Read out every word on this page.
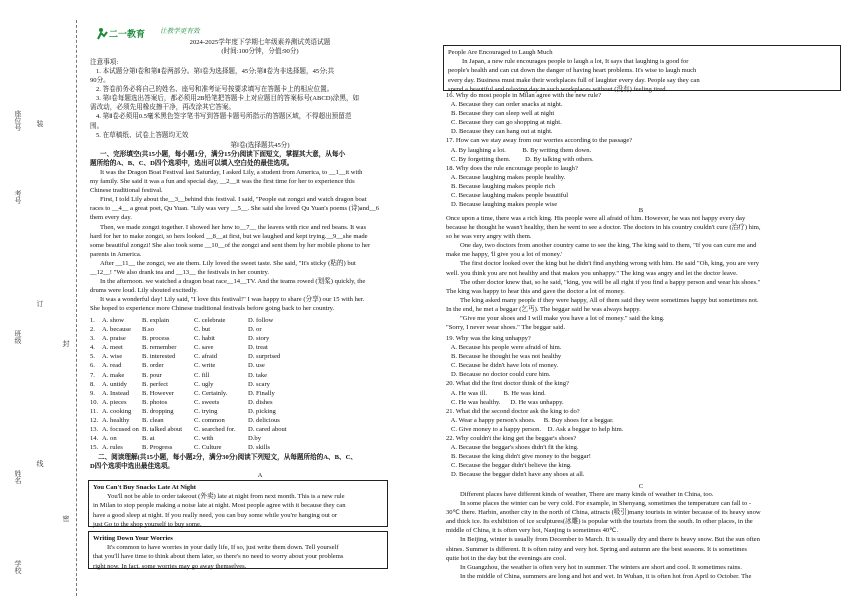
装
订
线
学校
姓名
班级
考号
座位号
封
密
二一教育 让教学更有效
2024-2025学年度下学期七年级素养测试英语试题
(时间:100分钟，分值:90分)
注意事项:
1. 本试题分第Ⅰ卷和第Ⅱ卷两部分。第Ⅰ卷为选择题，45分;第Ⅱ卷为非选择题，45分;共
90分。
2. 答卷前务必将自己的姓名、座号和准考证号按要求填写在答题卡上的相应位置。
3. 第Ⅰ卷每题选出答案后，都必须用2B铅笔把答题卡上对应题目的答案标号(ABCD)涂黑，如
需改动，必须先用橡皮擦干净，再改涂其它答案。
4. 第Ⅱ卷必须用0.5毫米黑色签字笔书写到答题卡题号所指示的答题区域，不得超出预留范
围。
5. 在草稿纸、试卷上答题均无效
第Ⅰ卷(选择题共45分)
一、完形填空(共15小题，每小题1分，满分15分)阅读下面短文，掌握其大意，从每小
题所给的A、B、C、D四个选项中，选出可以填入空白处的最佳选项。
It was the Dragon Boat Festival last Saturday, I asked Lily, a student from America, to __1__it with
my family. She said it was a fun and special day, __2__it was the first time for her to experience this
Chinese traditional festival.
First, I told Lily about the__3__behind this festival. I said, "People eat zongzi and watch dragon boat
races to __4__ a great poet, Qu Yuan. "Lily was very __5__. She said she loved Qu Yuan's poems (诗)and__6
them every day.
Then, we made zongzi together. I showed her how to__7__ the leaves with rice and red beans. It was
hard for her to make zongzi, so hers looked __8__at first, but we laughed and kept trying.__9__she made
some beautiful zongzi! She also took some __10__of the zongzi and sent them by her mobile phone to her
parents in America.
After __11__ the zongzi, we ate them. Lily loved the sweet taste. She said, "It's sticky (粘的) but
__12__! "We also drank tea and __13__ the festivals in her country.
In the afternoon. we watched a dragon boat race__14__TV. And the teams rowed (划桨) quickly, the
drums were loud. Lily shouted excitedly.
It was a wonderful day! Lily said, "I love this festival!" I was happy to share (分享) our 15 with her.
She hoped to experience more Chinese traditional festivals before going back to her country.
1.	A. show	B. explain	C. celebrate	D. follow
2.	A. because	B.so	C. but	D. or
3.	A. praise	B. process	C. habit	D. story
4.	A. meet	B. remember	C. save	D. treat
5.	A. wise	B. interested	C. afraid	D. surprised
6.	A. read	B. order	C. write	D. use
7.	A. make	B. pour	C. fill	D. take
8.	A. untidy	B. perfect	C. ugly	D. scary
9.	A. Instead	B. However	C. Certainly.	D. Finally
10. A. pieces	B. photos	C. sweets	D. dishes
11. A. cooking	B. dropping	C. trying	D. picking
12. A. healthy	B. clean	C. common	D. delicious
13. A. focused on B. talked about	C. searched for.	D. cared about
14. A. on	B. at	C. with	D.by
15. A. rules	B. Progress	C. Culture	D. skills
二、阅读理解(共15小题，每小题2分，满分30分)阅读下列短文，从每题所给的A、B、C、
D四个选项中选出最佳选项。
A
You Can't Buy Snacks Late At Night
You'll not be able to order takeout (外卖) late at night from next month. This is a new rule
in Milan to stop people making a noise late at night. Most people agree with it because they can
have a good sleep at night. If you really need, you can buy some while you're hanging out or
just Go to the shop yourself to buy some.
Writing Down Your Worries
It's common to have worries in your daily life, If so, just write them down. Tell yourself
that you'll have time to think about them later, so there's no need to worry about your problems
right now, In fact, some worries may go away themselves.
People Are Encouraged to Laugh Much
In Japan, a new rule encourages people to laugh a lot, It says that laughing is good for
people's health and can cut down the danger of having heart problems. It's wise to laugh much
every day. Business must make their workplaces full of laughter every day. People say they can
spend a beautiful and relaxing day in such workplaces without (没有) feeling tired.
16. Why do most people in Milan agree with the new rule?
A. Because they can order snacks at night.
B. Because they can sleep well at night
C. Because they can go shopping at night.
D. Because they can hang out at night.
17. How can we stay away from our worries according to the passage?
A. By laughing a lot.          B. By writing them down.
C. By forgetting them.         D. By talking with others.
18. Why does the rule encourage people to laugh?
A. Because laughing makes people healthy.
B. Because laughing makes people rich
C. Because laughing makes people beautiful
D. Because laughing makes people wise
B
Once upon a time, there was a rich king. His people were all afraid of him. However, he was not happy every day
because he thought he wasn't healthy, then he went to see a doctor. The doctors in his country couldn't cure (治疗) him,
so he was very angry with them.
One day, two doctors from another country came to see the king, The king said to them, "If you can cure me and
make me happy, 'll give you a lot of money.'
The first doctor looked over the king but he didn't find anything wrong with him. He said "Oh, king, you are very
well. you think you are not healthy and that makes you unhappy." The king was angry and let the doctor leave.
The other doctor knew that, so he said, "king, you will be all right if you find a happy person and wear his shoes."
The king was happy to hear this and gave the doctor a lot of money.
The king asked many people if they were happy, All of them said they were sometimes happy but sometimes not.
In the end, he met a beggar (乞丐). The beggar said he was always happy.
"Give me your shoes and I will make you have a lot of money." said the king.
"Sorry, I never wear shoes." The beggar said.
19. Why was the king unhappy?
A. Because his people were afraid of him.
B. Because he thought he was not healthy
C. Because he didn't have lots of money.
D. Because no doctor could cure him.
20. What did the first doctor think of the king?
A. He was ill.          B. He was kind.
C. He was healthy.      D. He was unhappy.
21. What did the second doctor ask the king to do?
A. Wear a happy person's shoes.     B. Buy shoes for a beggar.
C. Give money to a happy person.    D. Ask a beggar to help him.
22. Why couldn't the king get the beggar's shoes?
A. Because the beggar's shoes didn't fit the king.
B. Because the king didn't give money to the beggar!
C. Because the beggar didn't believe the king.
D. Because the beggar didn't have any shoes at all.
C
Different places have different kinds of weather, There are many kinds of weather in China, too.
In some places the winter can be very cold. For example, in Shenyang, sometimes the temperature can fall to -
30℃ there. Harbin, another city in the north of China, attracts (吸引)many tourists in winter because of its heavy snow
and thick ice. Its exhibition of ice sculptures(冰雕) is popular with the tourists from the south. In other places, in the
middle of China, it is often very hot, Nanjing is sometimes 40℃.
In Beijing, winter is usually from December to March. It is usually dry and there is heavy snow. But the sun often
shines. Summer is different. It is often rainy and very hot. Spring and autumn are the best seasons. It is sometimes
quite hot in the day but the evenings are cool.
In Guangzhou, the weather is often very hot in summer. The winters are short and cool. It sometimes rains.
In the middle of China, summers are long and hot and wet. In Wuhan, it is often hot fron April to October. The
